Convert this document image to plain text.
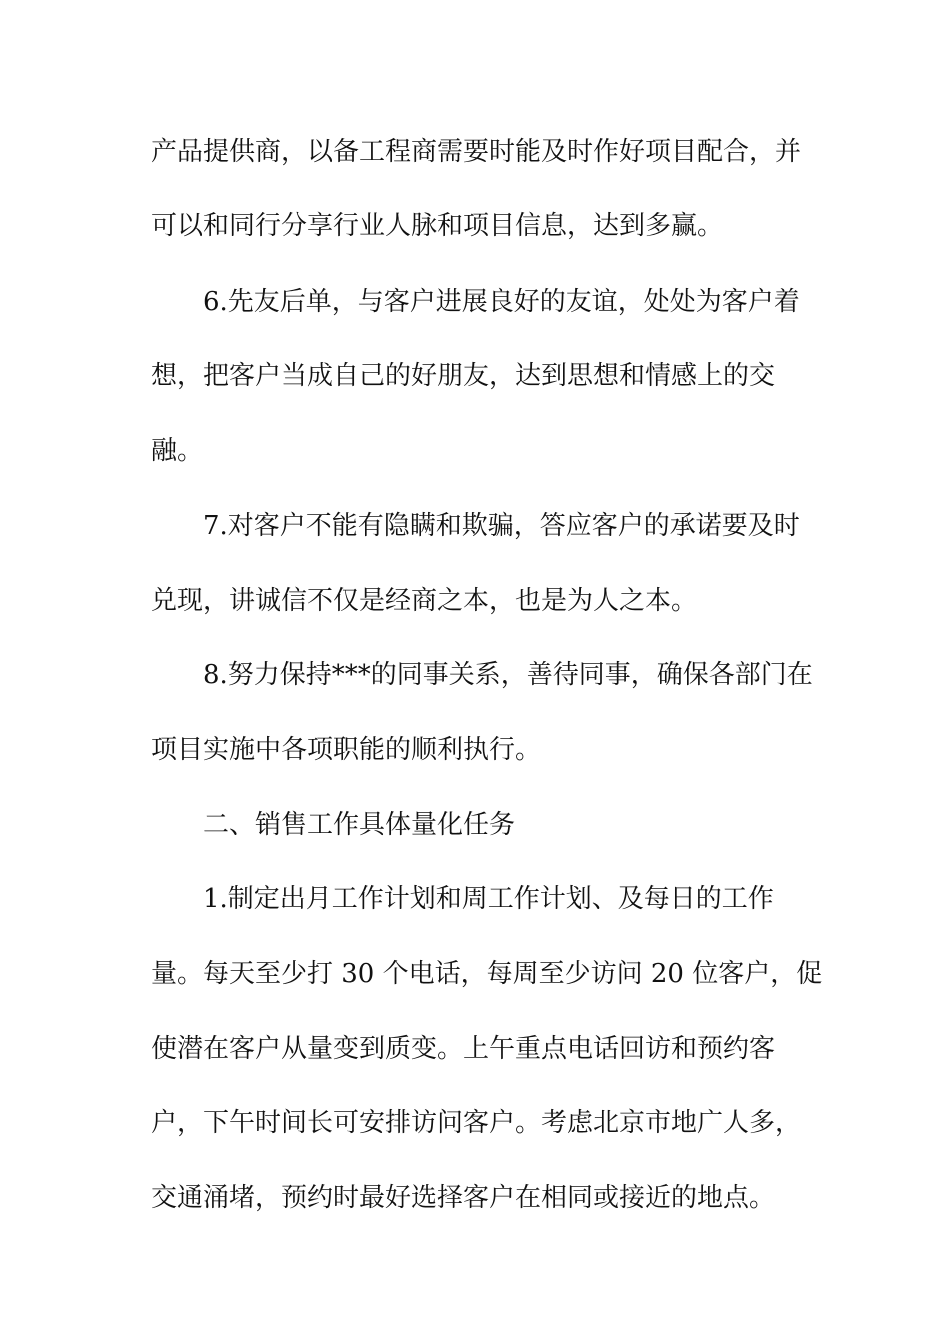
产品提供商，以备工程商需要时能及时作好项目配合，并
可以和同行分享行业人脉和项目信息，达到多赢。
6.先友后单，与客户进展良好的友谊，处处为客户着
想，把客户当成自己的好朋友，达到思想和情感上的交
融。
7.对客户不能有隐瞒和欺骗，答应客户的承诺要及时
兑现，讲诚信不仅是经商之本，也是为人之本。
8.努力保持***的同事关系，善待同事，确保各部门在
项目实施中各项职能的顺利执行。
二、销售工作具体量化任务
1.制定出月工作计划和周工作计划、及每日的工作
量。每天至少打 30 个电话，每周至少访问 20 位客户，促
使潜在客户从量变到质变。上午重点电话回访和预约客
户，下午时间长可安排访问客户。考虑北京市地广人多，
交通涌堵，预约时最好选择客户在相同或接近的地点。
